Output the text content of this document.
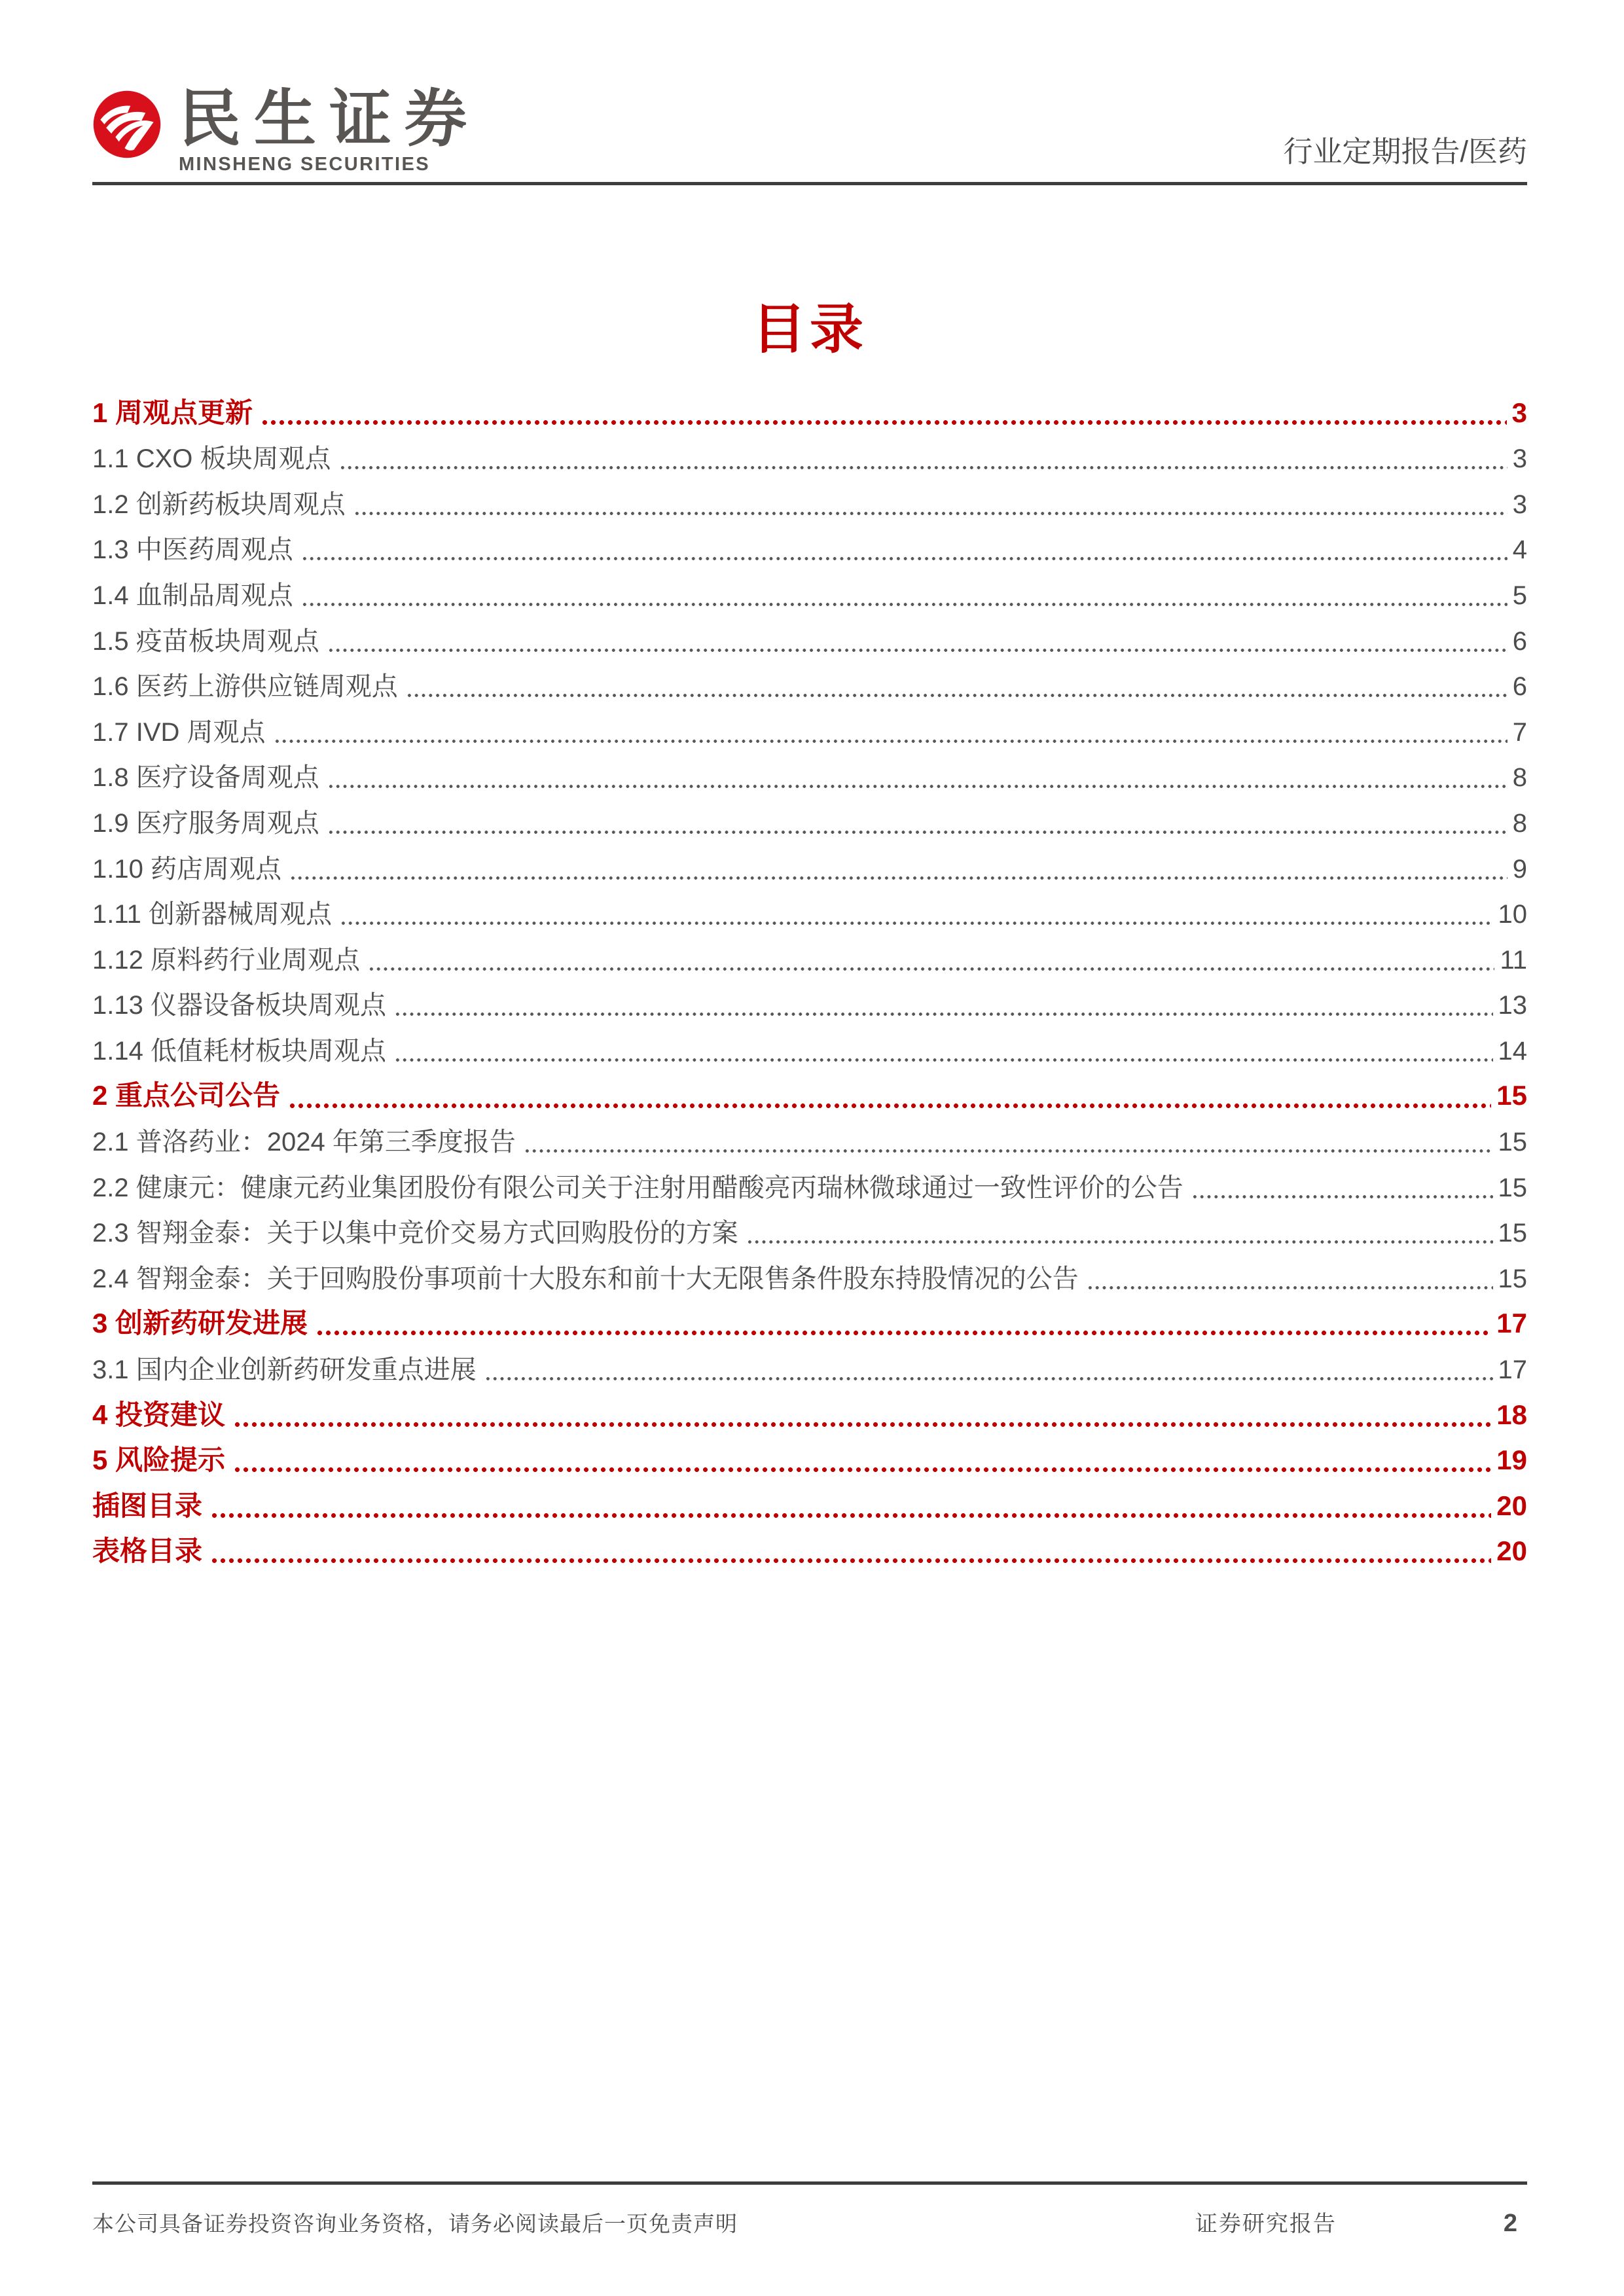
民生证券
MINSHENG SECURITIES	行业定期报告/医药
目录
1 周观点更新	3
1.1 CXO 板块周观点	3
1.2 创新药板块周观点	3
1.3 中医药周观点	4
1.4 血制品周观点	5
1.5 疫苗板块周观点	6
1.6 医药上游供应链周观点	6
1.7 IVD 周观点	7
1.8 医疗设备周观点	8
1.9 医疗服务周观点	8
1.10 药店周观点	9
1.11 创新器械周观点	10
1.12 原料药行业周观点	11
1.13 仪器设备板块周观点	13
1.14 低值耗材板块周观点	14
2 重点公司公告	15
2.1 普洛药业：2024 年第三季度报告	15
2.2 健康元：健康元药业集团股份有限公司关于注射用醋酸亮丙瑞林微球通过一致性评价的公告	15
2.3 智翔金泰：关于以集中竞价交易方式回购股份的方案	15
2.4 智翔金泰：关于回购股份事项前十大股东和前十大无限售条件股东持股情况的公告	15
3 创新药研发进展	17
3.1 国内企业创新药研发重点进展	17
4 投资建议	18
5 风险提示	19
插图目录	20
表格目录	20
本公司具备证券投资咨询业务资格，请务必阅读最后一页免责声明	证券研究报告	2
